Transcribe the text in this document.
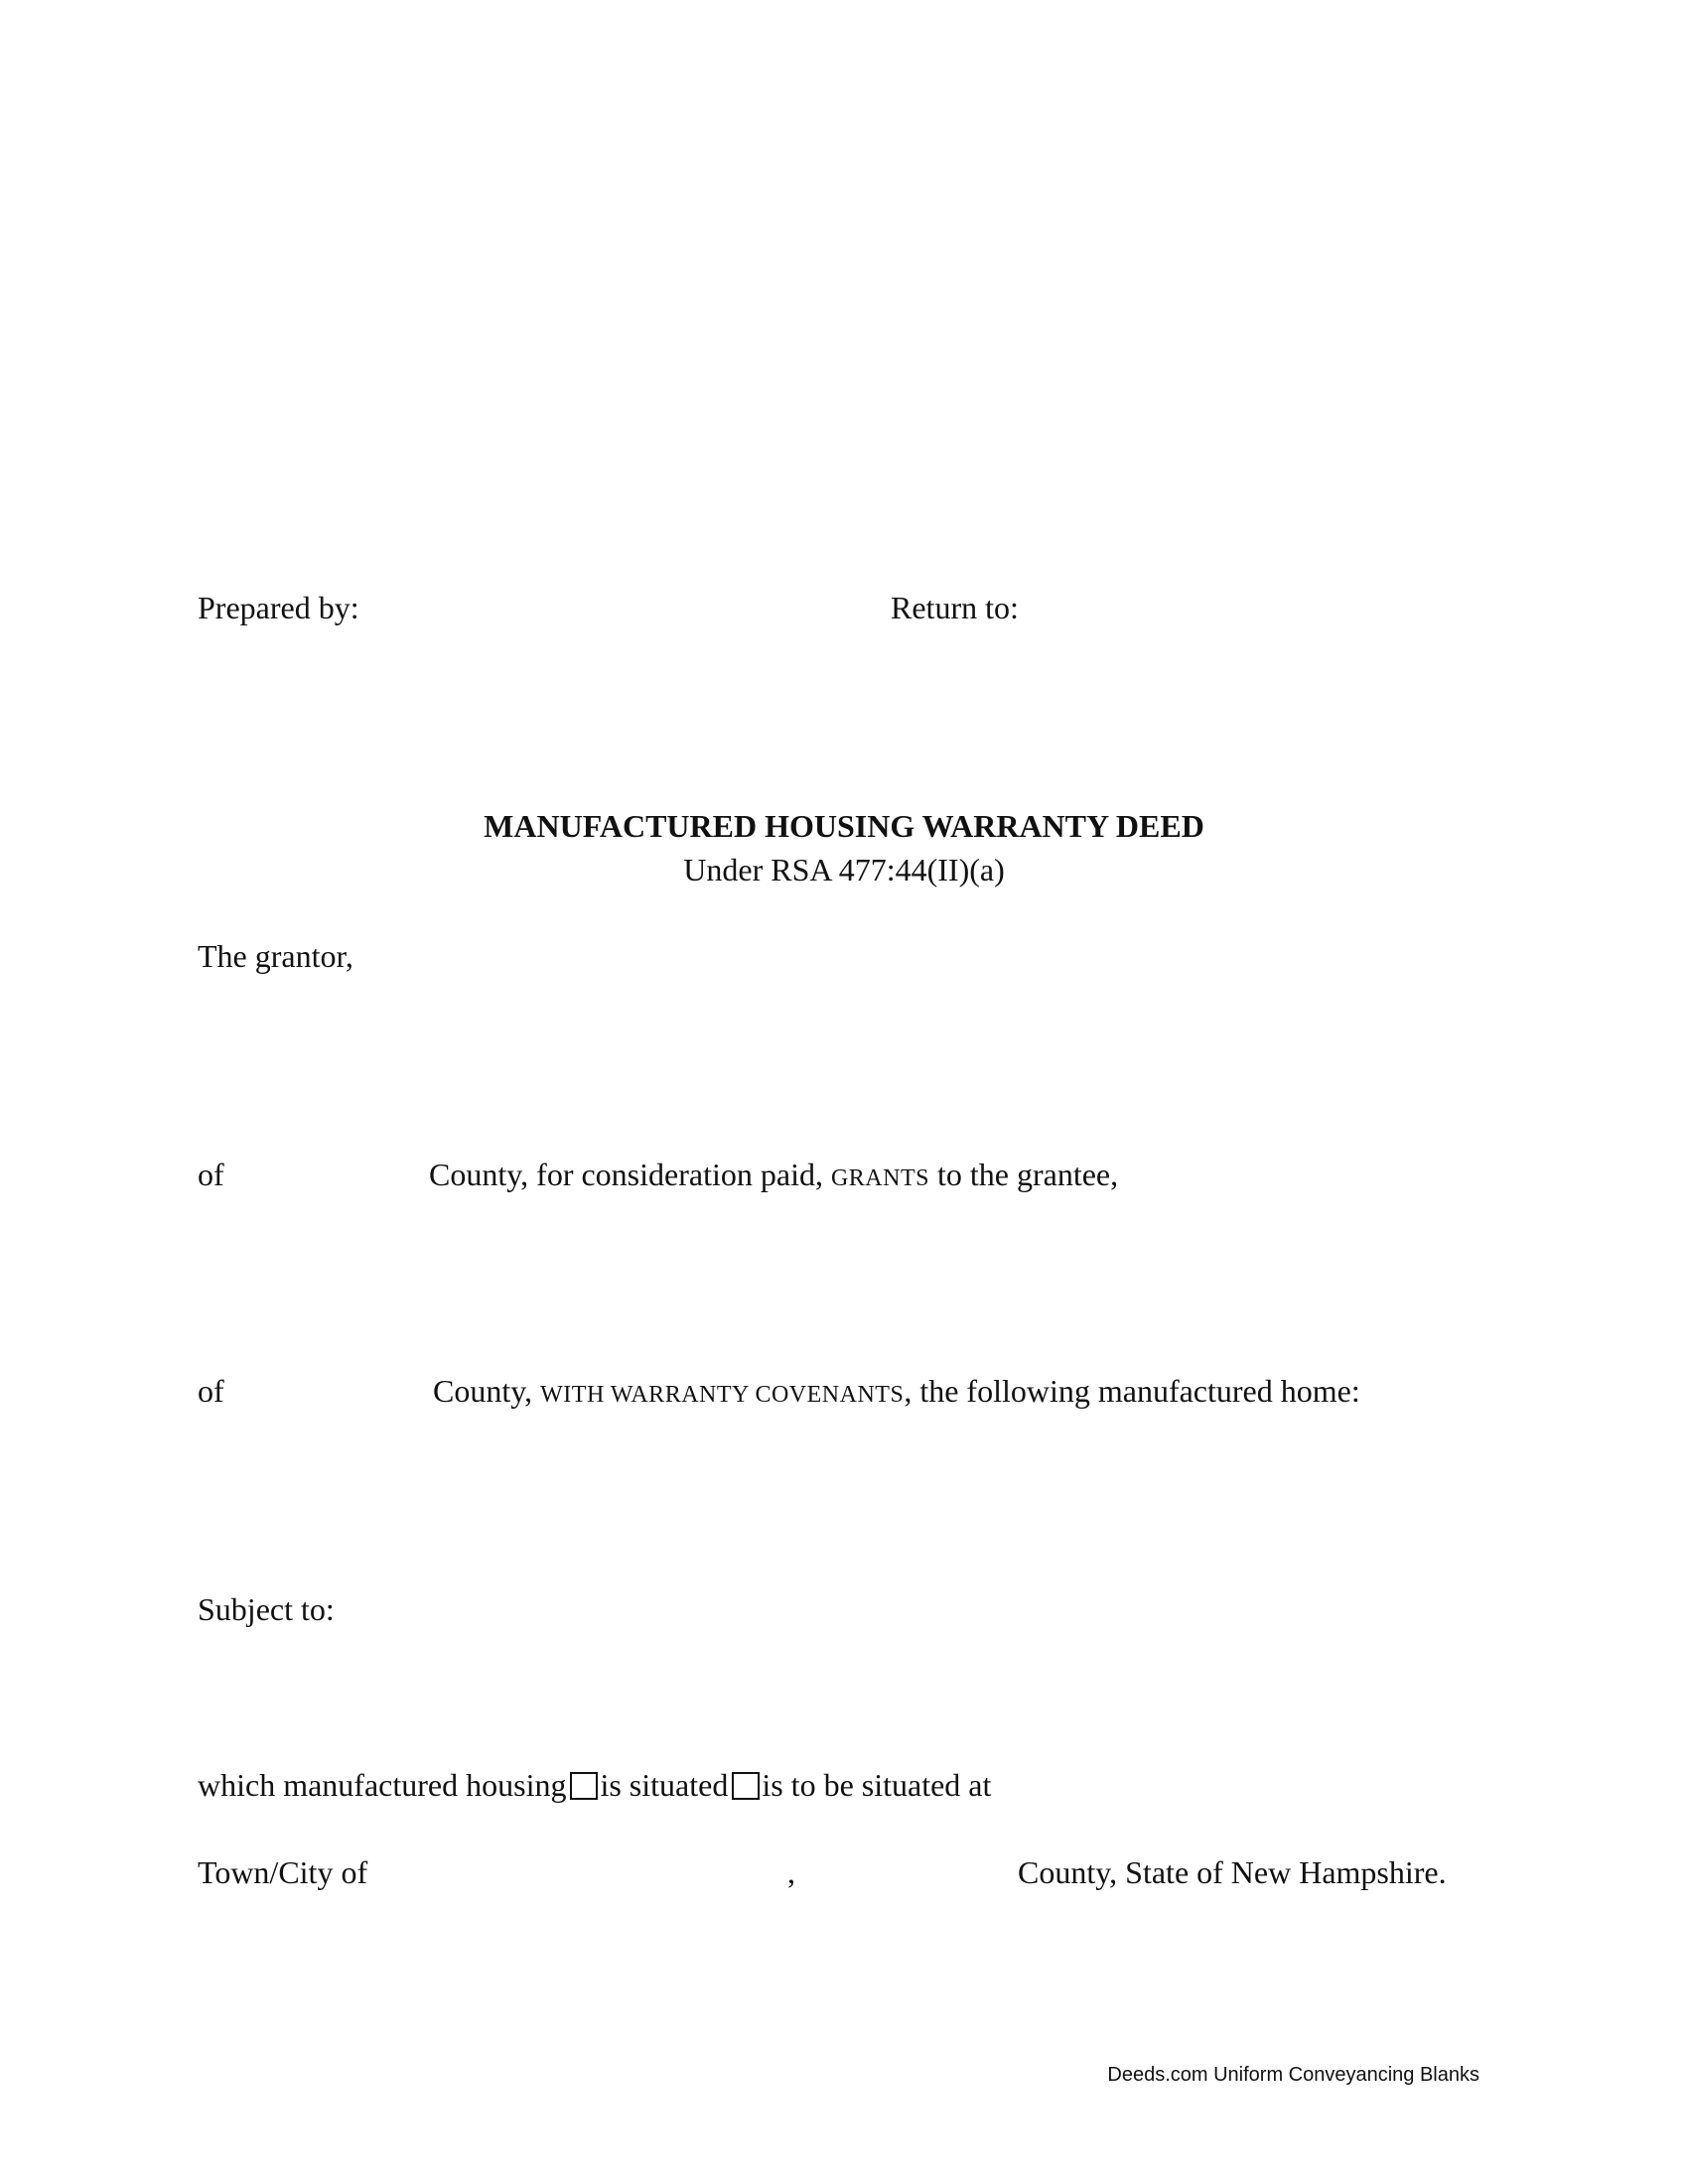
Prepared by:	Return to:
MANUFACTURED HOUSING WARRANTY DEED
Under RSA 477:44(II)(a)
The grantor,
of	County, for consideration paid, GRANTS to the grantee,
of	County, WITH WARRANTY COVENANTS, the following manufactured home:
Subject to:
which manufactured housing is situated is to be situated at
Town/City of	,	County, State of New Hampshire.
Deeds.com Uniform Conveyancing Blanks
